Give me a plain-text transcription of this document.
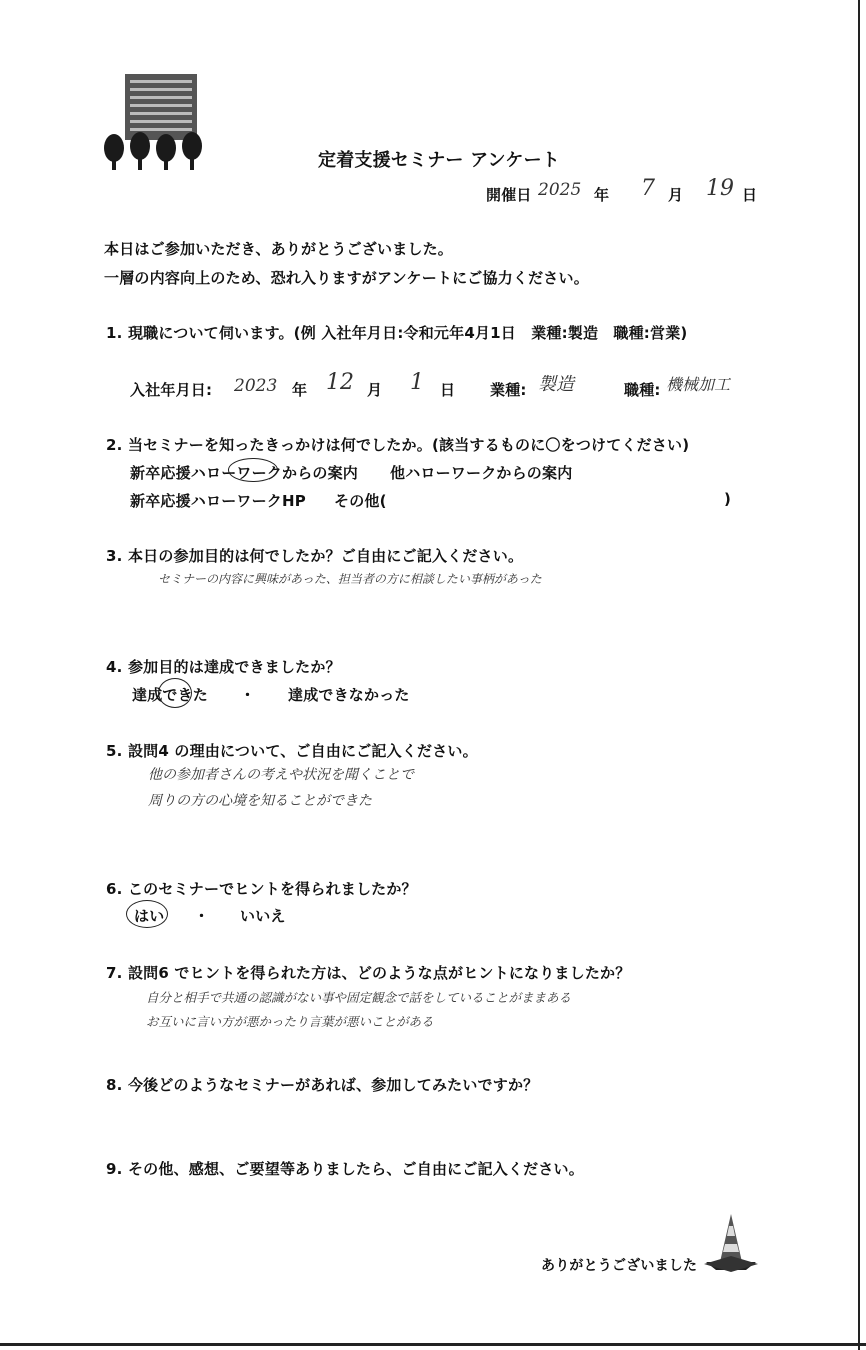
定着支援セミナー アンケート
開催日 2025 年 7 月 19 日
本日はご参加いただき、ありがとうございました。
一層の内容向上のため、恐れ入りますがアンケートにご協力ください。
1. 現職について伺います。(例 入社年月日:令和元年4月1日　業種:製造　職種:営業)
入社年月日: 2023 年 12 月 1 日 業種: 製造	職種: 機械加工
2. 当セミナーを知ったきっかけは何でしたか。(該当するものに〇をつけてください)
新卒応援ハローワークからの案内 他ハローワークからの案内
新卒応援ハローワークHP その他(	)
3. 本日の参加目的は何でしたか？ご自由にご記入ください。
セミナーの内容に興味があった、担当者の方に相談したい事柄があった
4. 参加目的は達成できましたか？
達成できた ・ 達成できなかった
5. 設問4 の理由について、ご自由にご記入ください。
他の参加者さんの考えや状況を聞くことで
周りの方の心境を知ることができた
6. このセミナーでヒントを得られましたか？
はい ・ いいえ
7. 設問6 でヒントを得られた方は、どのような点がヒントになりましたか？
自分と相手で共通の認識がない事や固定観念で話をしていることがままある
お互いに言い方が悪かったり言葉が悪いことがある
8. 今後どのようなセミナーがあれば、参加してみたいですか？
9. その他、感想、ご要望等ありましたら、ご自由にご記入ください。
ありがとうございました
